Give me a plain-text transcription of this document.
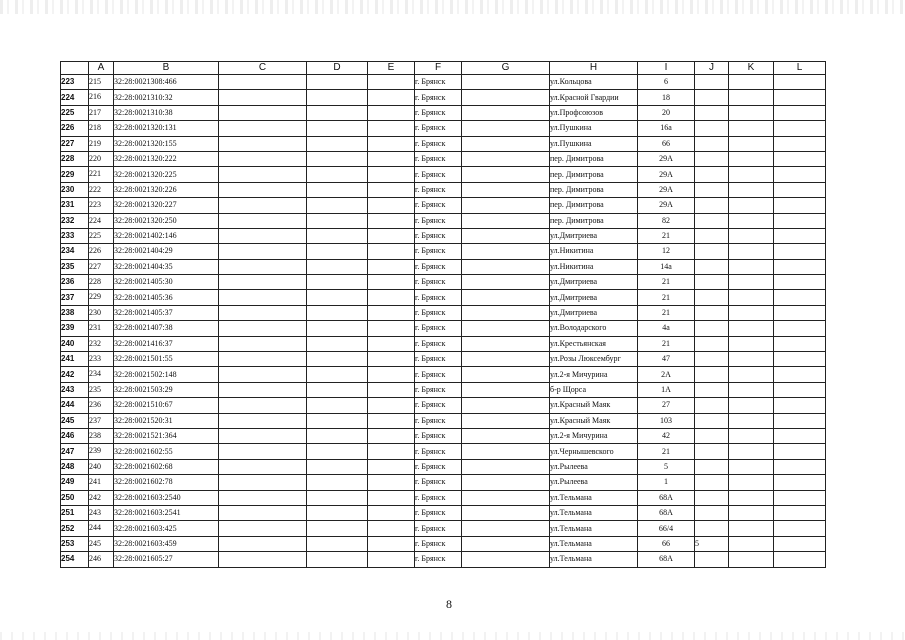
	A	B	C	D	E	F	G	H	I	J	K	L
223	215	32:28:0021308:466				г. Брянск		ул.Кольцова	6			
224	216	32:28:0021310:32				г. Брянск		ул.Красной Гвардии	18			
225	217	32:28:0021310:38				г. Брянск		ул.Профсоюзов	20			
226	218	32:28:0021320:131				г. Брянск		ул.Пушкина	16а			
227	219	32:28:0021320:155				г. Брянск		ул.Пушкина	66			
228	220	32:28:0021320:222				г. Брянск		пер. Димитрова	29А			
229	221	32:28:0021320:225				г. Брянск		пер. Димитрова	29А			
230	222	32:28:0021320:226				г. Брянск		пер. Димитрова	29А			
231	223	32:28:0021320:227				г. Брянск		пер. Димитрова	29А			
232	224	32:28:0021320:250				г. Брянск		пер. Димитрова	82			
233	225	32:28:0021402:146				г. Брянск		ул.Дмитриева	21			
234	226	32:28:0021404:29				г. Брянск		ул.Никитина	12			
235	227	32:28:0021404:35				г. Брянск		ул.Никитина	14а			
236	228	32:28:0021405:30				г. Брянск		ул.Дмитриева	21			
237	229	32:28:0021405:36				г. Брянск		ул.Дмитриева	21			
238	230	32:28:0021405:37				г. Брянск		ул.Дмитриева	21			
239	231	32:28:0021407:38				г. Брянск		ул.Володарского	4а			
240	232	32:28:0021416:37				г. Брянск		ул.Крестьянская	21			
241	233	32:28:0021501:55				г. Брянск		ул.Розы Люксембург	47			
242	234	32:28:0021502:148				г. Брянск		ул.2-я Мичурина	2А			
243	235	32:28:0021503:29				г. Брянск		б-р Щорса	1А			
244	236	32:28:0021510:67				г. Брянск		ул.Красный Маяк	27			
245	237	32:28:0021520:31				г. Брянск		ул.Красный Маяк	103			
246	238	32:28:0021521:364				г. Брянск		ул.2-я Мичурина	42			
247	239	32:28:0021602:55				г. Брянск		ул.Чернышевского	21			
248	240	32:28:0021602:68				г. Брянск		ул.Рылеева	5			
249	241	32:28:0021602:78				г. Брянск		ул.Рылеева	1			
250	242	32:28:0021603:2540				г. Брянск		ул.Тельмана	68А			
251	243	32:28:0021603:2541				г. Брянск		ул.Тельмана	68А			
252	244	32:28:0021603:425				г. Брянск		ул.Тельмана	66/4			
253	245	32:28:0021603:459				г. Брянск		ул.Тельмана	66	5		
254	246	32:28:0021605:27				г. Брянск		ул.Тельмана	68А			
8
